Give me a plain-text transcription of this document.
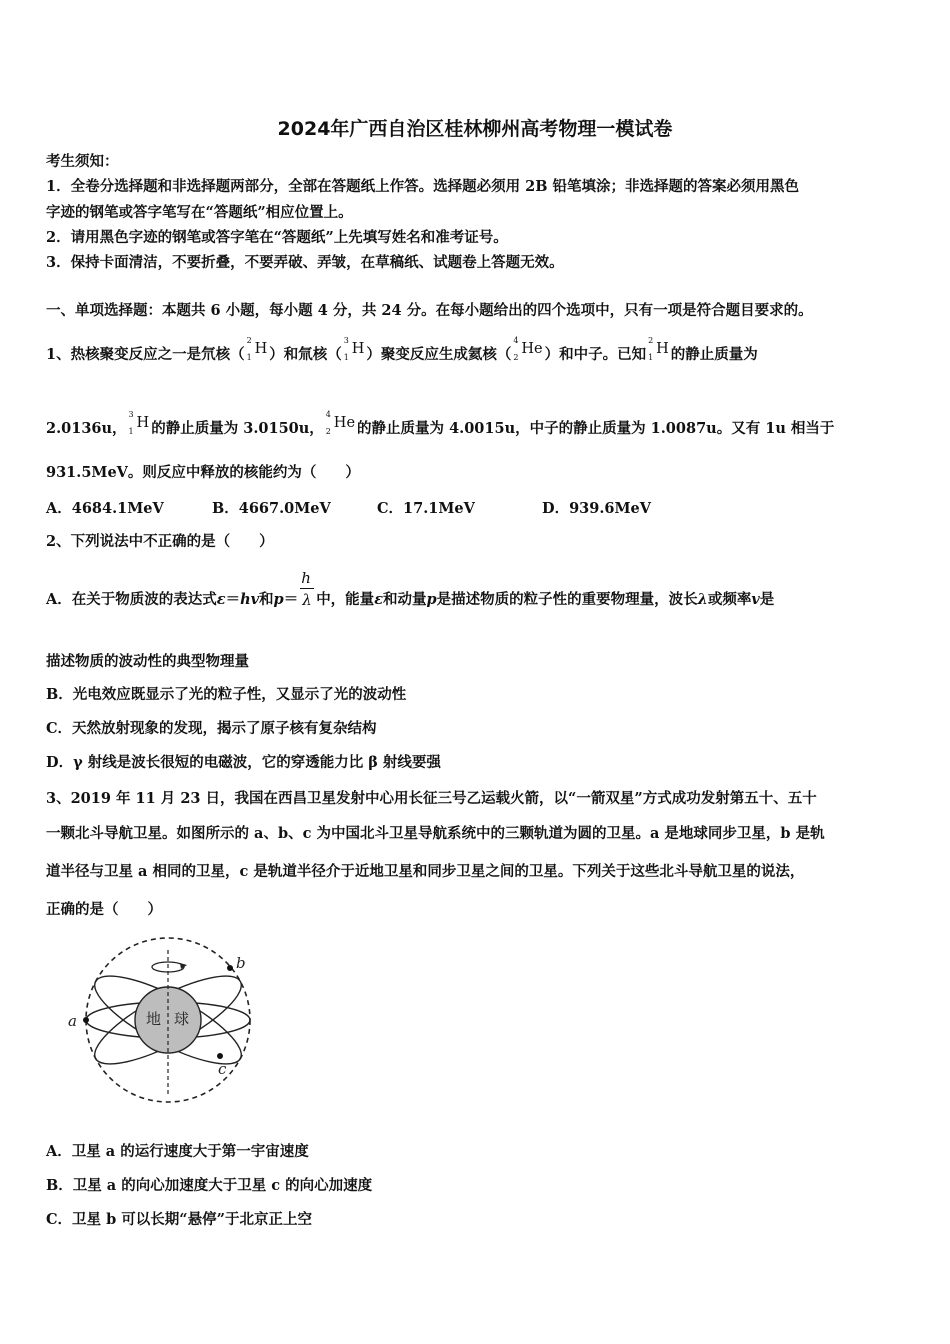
2024年广西自治区桂林柳州高考物理一模试卷
考生须知：
1．全卷分选择题和非选择题两部分，全部在答题纸上作答。选择题必须用 2B 铅笔填涂；非选择题的答案必须用黑色
字迹的钢笔或答字笔写在“答题纸”相应位置上。
2．请用黑色字迹的钢笔或答字笔在“答题纸”上先填写姓名和准考证号。
3．保持卡面清洁，不要折叠，不要弄破、弄皱，在草稿纸、试题卷上答题无效。
一、单项选择题：本题共 6 小题，每小题 4 分，共 24 分。在每小题给出的四个选项中，只有一项是符合题目要求的。
1、热核聚变反应之一是氘核（
2
1
H ）和氚核（
3
1
H ）聚变反应生成氦核（
4
2
He ）和中子。已知
2
1
H 的静止质量为
2.0136u，
3
1
H 的静止质量为 3.0150u，
4
2
He 的静止质量为 4.0015u，中子的静止质量为 1.0087u。又有 1u 相当于
931.5MeV。则反应中释放的核能约为（　　）
A．4684.1MeV	B．4667.0MeV	C．17.1MeV	D．939.6MeV
2、下列说法中不正确的是（　　）
A．在关于物质波的表达式ε＝hv和$p= \frac{h}{\lambda}$ 中，能量ε和动量p是描述物质的粒子性的重要物理量，波长λ或频率v是
描述物质的波动性的典型物理量
B．光电效应既显示了光的粒子性，又显示了光的波动性
C．天然放射现象的发现，揭示了原子核有复杂结构
D．γ 射线是波长很短的电磁波，它的穿透能力比 β 射线要强
3、2019 年 11 月 23 日，我国在西昌卫星发射中心用长征三号乙运载火箭，以“一箭双星”方式成功发射第五十、五十
一颗北斗导航卫星。如图所示的 a、b、c 为中国北斗卫星导航系统中的三颗轨道为圆的卫星。a 是地球同步卫星，b 是轨
道半径与卫星 a 相同的卫星，c 是轨道半径介于近地卫星和同步卫星之间的卫星。下列关于这些北斗导航卫星的说法，
正确的是（　　）
地 球
a
b
c
A．卫星 a 的运行速度大于第一宇宙速度
B．卫星 a 的向心加速度大于卫星 c 的向心加速度
C．卫星 b 可以长期“悬停”于北京正上空
